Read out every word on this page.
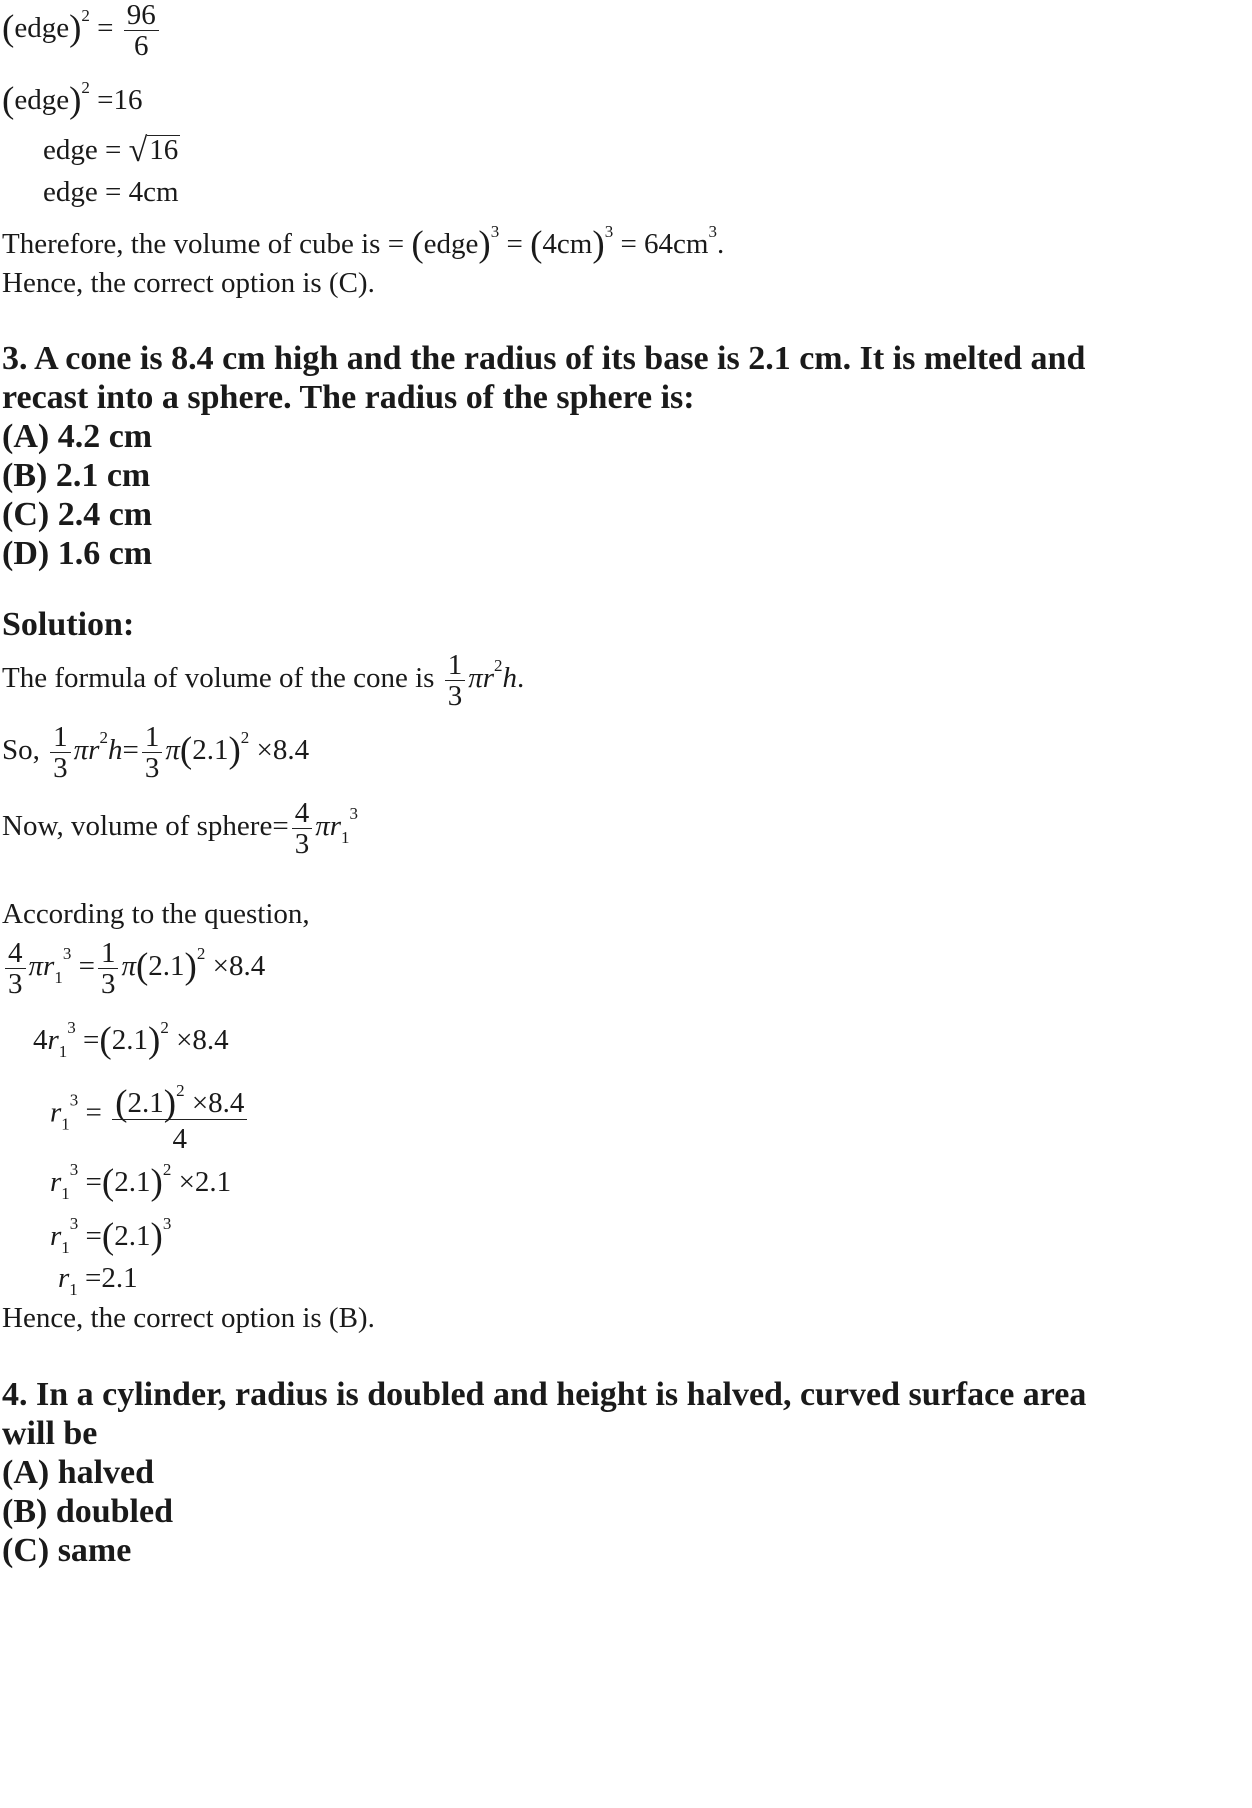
(edge)$^2$ = $\frac{96}{6}$
(edge)$^2$ =16
edge = √16
edge = 4cm
Therefore, the volume of cube is = (edge)$^3$ = $(4cm)^3 = 64cm^3$.
Hence, the correct option is (C).
3. A cone is 8.4 cm high and the radius of its base is 2.1 cm. It is melted and
recast into a sphere. The radius of the sphere is:
(A) 4.2 cm
(B) 2.1 cm
(C) 2.4 cm
(D) 1.6 cm
Solution:
The formula of volume of the cone is $\frac{1}{3} \pi r^2h$.
So, $\frac{1}{3} \pi r^2h= \frac{1}{3} \pi(2.1)^2 \times 8.4$
Now, volume of sphere= $\frac{4}{3} \pi r_1^3$
According to the question,
$\frac{4}{3} \pi r_1^3 = \frac{1}{3} \pi(2.1)^2 \times 8.4$
$4r_1^3 =(2.1)^2 \times 8.4$
$r_1^3 = \frac{(2.1)^2 \times 8.4}{4}$
$r_1^3 =(2.1)^2 \times 2.1$
$r_1^3 =(2.1)^3$
$r_1 =2.1$
Hence, the correct option is (B).
4. In a cylinder, radius is doubled and height is halved, curved surface area
will be
(A) halved
(B) doubled
(C) same
